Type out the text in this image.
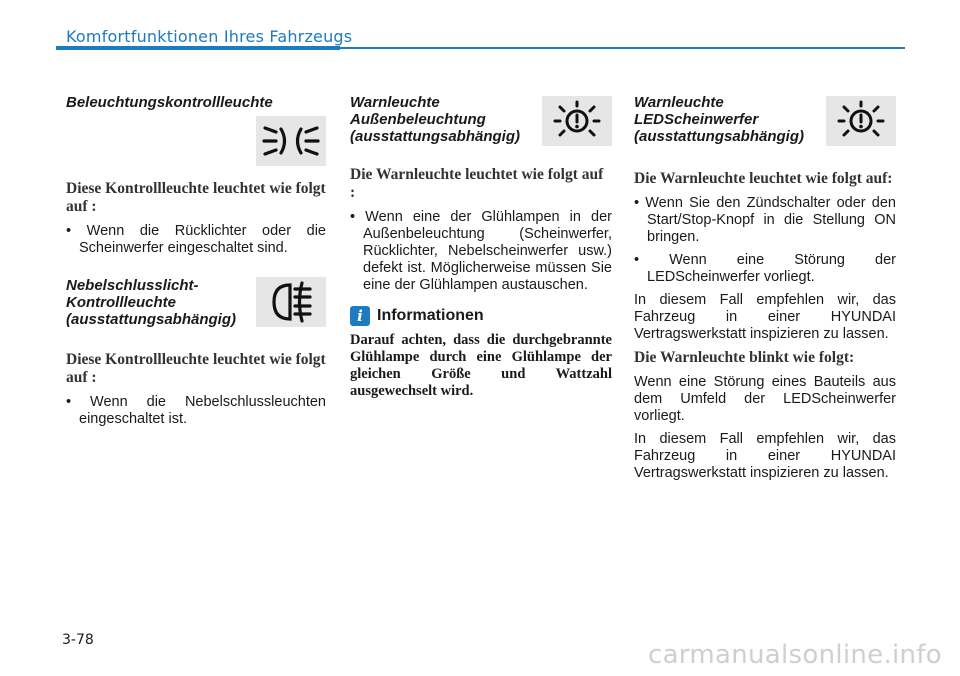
Komfortfunktionen Ihres Fahrzeugs

Beleuchtungskontrollleuchte

Diese Kontrollleuchte leuchtet wie folgt auf :

• Wenn die Rücklichter oder die Scheinwerfer eingeschaltet sind.

Nebelschlusslicht-
Kontrollleuchte
(ausstattungsabhängig)

Diese Kontrollleuchte leuchtet wie folgt auf :

• Wenn die Nebelschlussleuchten eingeschaltet ist.

Warnleuchte
Außenbeleuchtung
(ausstattungsabhängig)

Die Warnleuchte leuchtet wie folgt auf :

• Wenn eine der Glühlampen in der Außenbeleuchtung (Scheinwerfer, Rücklichter, Nebelscheinwerfer usw.) defekt ist. Möglicherweise müssen Sie eine der Glühlampen austauschen.

i Informationen

Darauf achten, dass die durchgebrannte Glühlampe durch eine Glühlampe der gleichen Größe und Wattzahl ausgewechselt wird.

Warnleuchte
LEDScheinwerfer
(ausstattungsabhängig)

Die Warnleuchte leuchtet wie folgt auf:

• Wenn Sie den Zündschalter oder den Start/Stop-Knopf in die Stellung ON bringen.

• Wenn eine Störung der LEDScheinwerfer vorliegt.

In diesem Fall empfehlen wir, das Fahrzeug in einer HYUNDAI Vertragswerkstatt inspizieren zu lassen.

Die Warnleuchte blinkt wie folgt:

Wenn eine Störung eines Bauteils aus dem Umfeld der LEDScheinwerfer vorliegt.

In diesem Fall empfehlen wir, das Fahrzeug in einer HYUNDAI Vertragswerkstatt inspizieren zu lassen.

3-78	carmanualsonline.info
